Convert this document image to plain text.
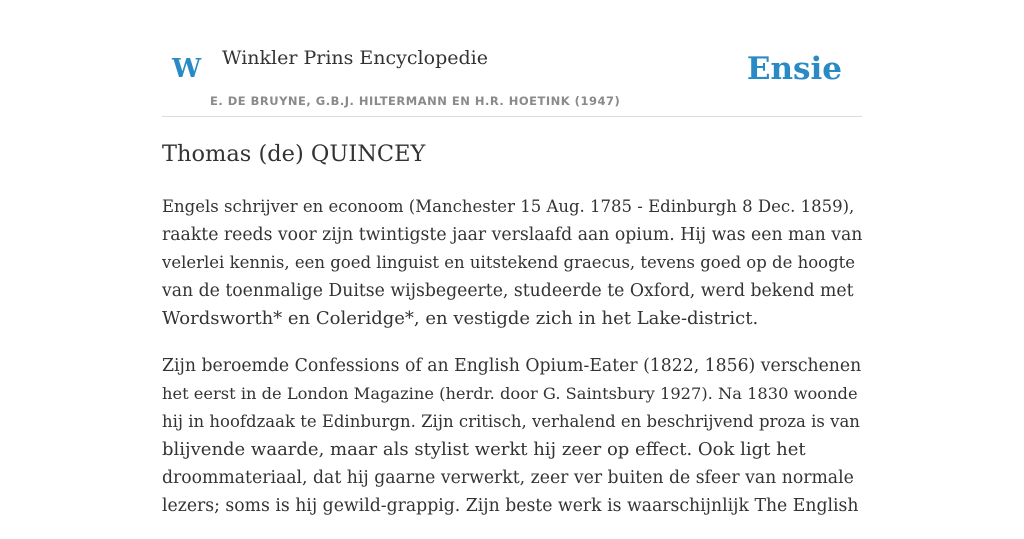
W Winkler Prins Encyclopedie
E. DE BRUYNE, G.B.J. HILTERMANN EN H.R. HOETINK (1947)
Ensie
Thomas (de) QUINCEY

Engels schrijver en econoom (Manchester 15 Aug. 1785 - Edinburgh 8 Dec. 1859),
raakte reeds voor zijn twintigste jaar verslaafd aan opium. Hij was een man van
velerlei kennis, een goed linguist en uitstekend graecus, tevens goed op de hoogte
van de toenmalige Duitse wijsbegeerte, studeerde te Oxford, werd bekend met
Wordsworth* en Coleridge*, en vestigde zich in het Lake-district.

Zijn beroemde Confessions of an English Opium-Eater (1822, 1856) verschenen
het eerst in de London Magazine (herdr. door G. Saintsbury 1927). Na 1830 woonde
hij in hoofdzaak te Edinburgn. Zijn critisch, verhalend en beschrijvend proza is van
blijvende waarde, maar als stylist werkt hij zeer op effect. Ook ligt het
droommateriaal, dat hij gaarne verwerkt, zeer ver buiten de sfeer van normale
lezers; soms is hij gewild-grappig. Zijn beste werk is waarschijnlijk The English
